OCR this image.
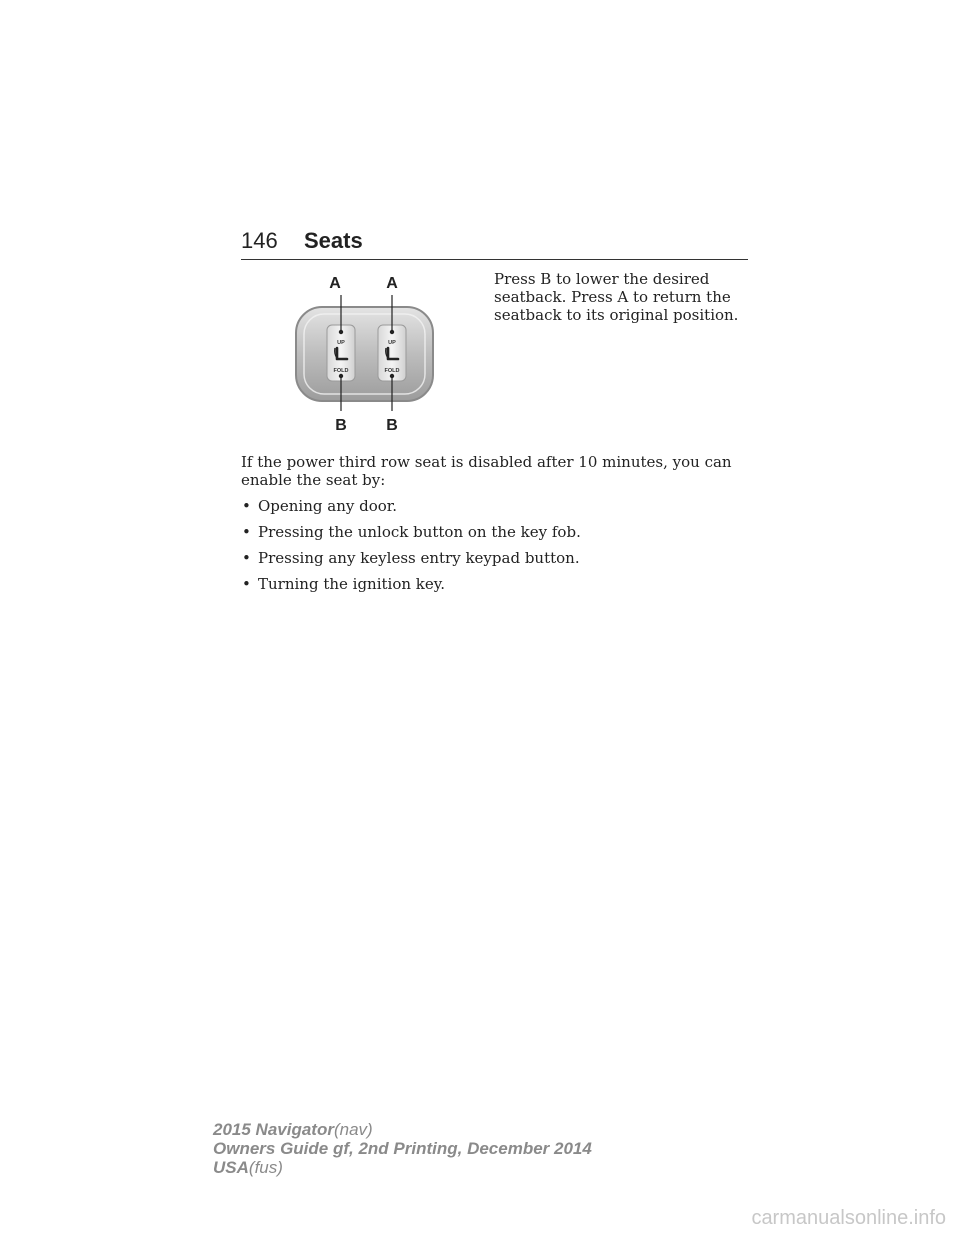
146 Seats
A	A
UP
FOLD
UP
FOLD
B B
Press B to lower the desired seatback. Press A to return the seatback to its original position.

If the power third row seat is disabled after 10 minutes, you can enable the seat by:

• Opening any door.
• Pressing the unlock button on the key fob.
• Pressing any keyless entry keypad button.
• Turning the ignition key.
2015 Navigator(nav)
Owners Guide gf, 2nd Printing, December 2014
USA(fus)
carmanualsonline.info
